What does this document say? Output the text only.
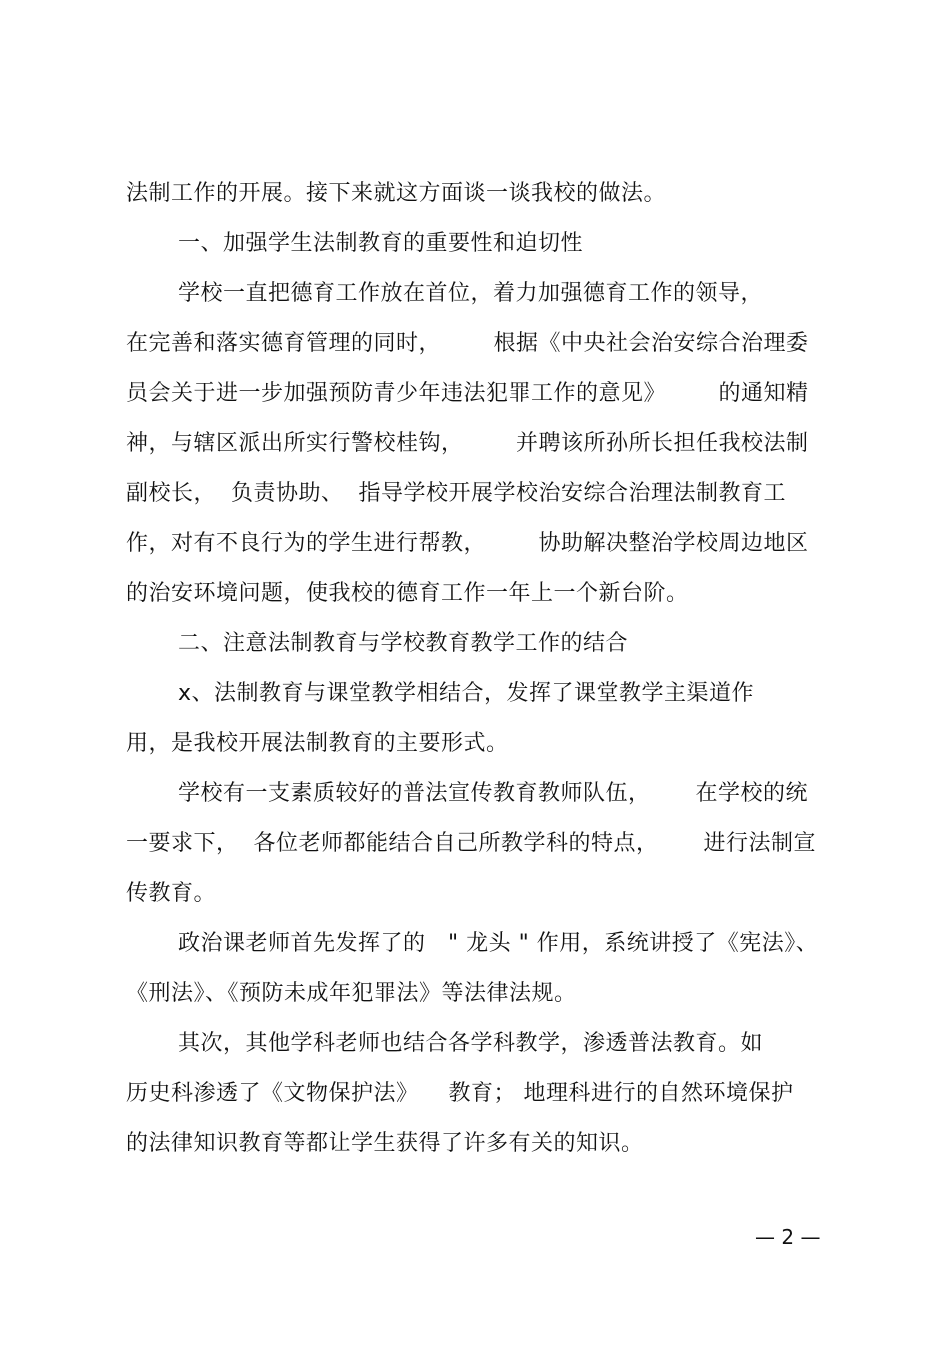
法制工作的开展。接下来就这方面谈一谈我校的做法。
一、加强学生法制教育的重要性和迫切性
学校一直把德育工作放在首位，着力加强德育工作的领导，
在完善和落实德育管理的同时，       根据《中央社会治安综合治理委
员会关于进一步加强预防青少年违法犯罪工作的意见》       的通知精
神，与辖区派出所实行警校桂钩，       并聘该所孙所长担任我校法制
副校长，  负责协助、  指导学校开展学校治安综合治理法制教育工
作，对有不良行为的学生进行帮教，       协助解决整治学校周边地区
的治安环境问题，使我校的德育工作一年上一个新台阶。
二、注意法制教育与学校教育教学工作的结合
x、法制教育与课堂教学相结合，发挥了课堂教学主渠道作
用，是我校开展法制教育的主要形式。
学校有一支素质较好的普法宣传教育教师队伍，      在学校的统
一要求下，  各位老师都能结合自己所教学科的特点，      进行法制宣
传教育。
政治课老师首先发挥了的   " 龙头 " 作用，系统讲授了《宪法》、
《刑法》、《预防未成年犯罪法》等法律法规。
其次，其他学科老师也结合各学科教学，渗透普法教育。如
历史科渗透了《文物保护法》    教育； 地理科进行的自然环境保护
的法律知识教育等都让学生获得了许多有关的知识。
— 2 —
